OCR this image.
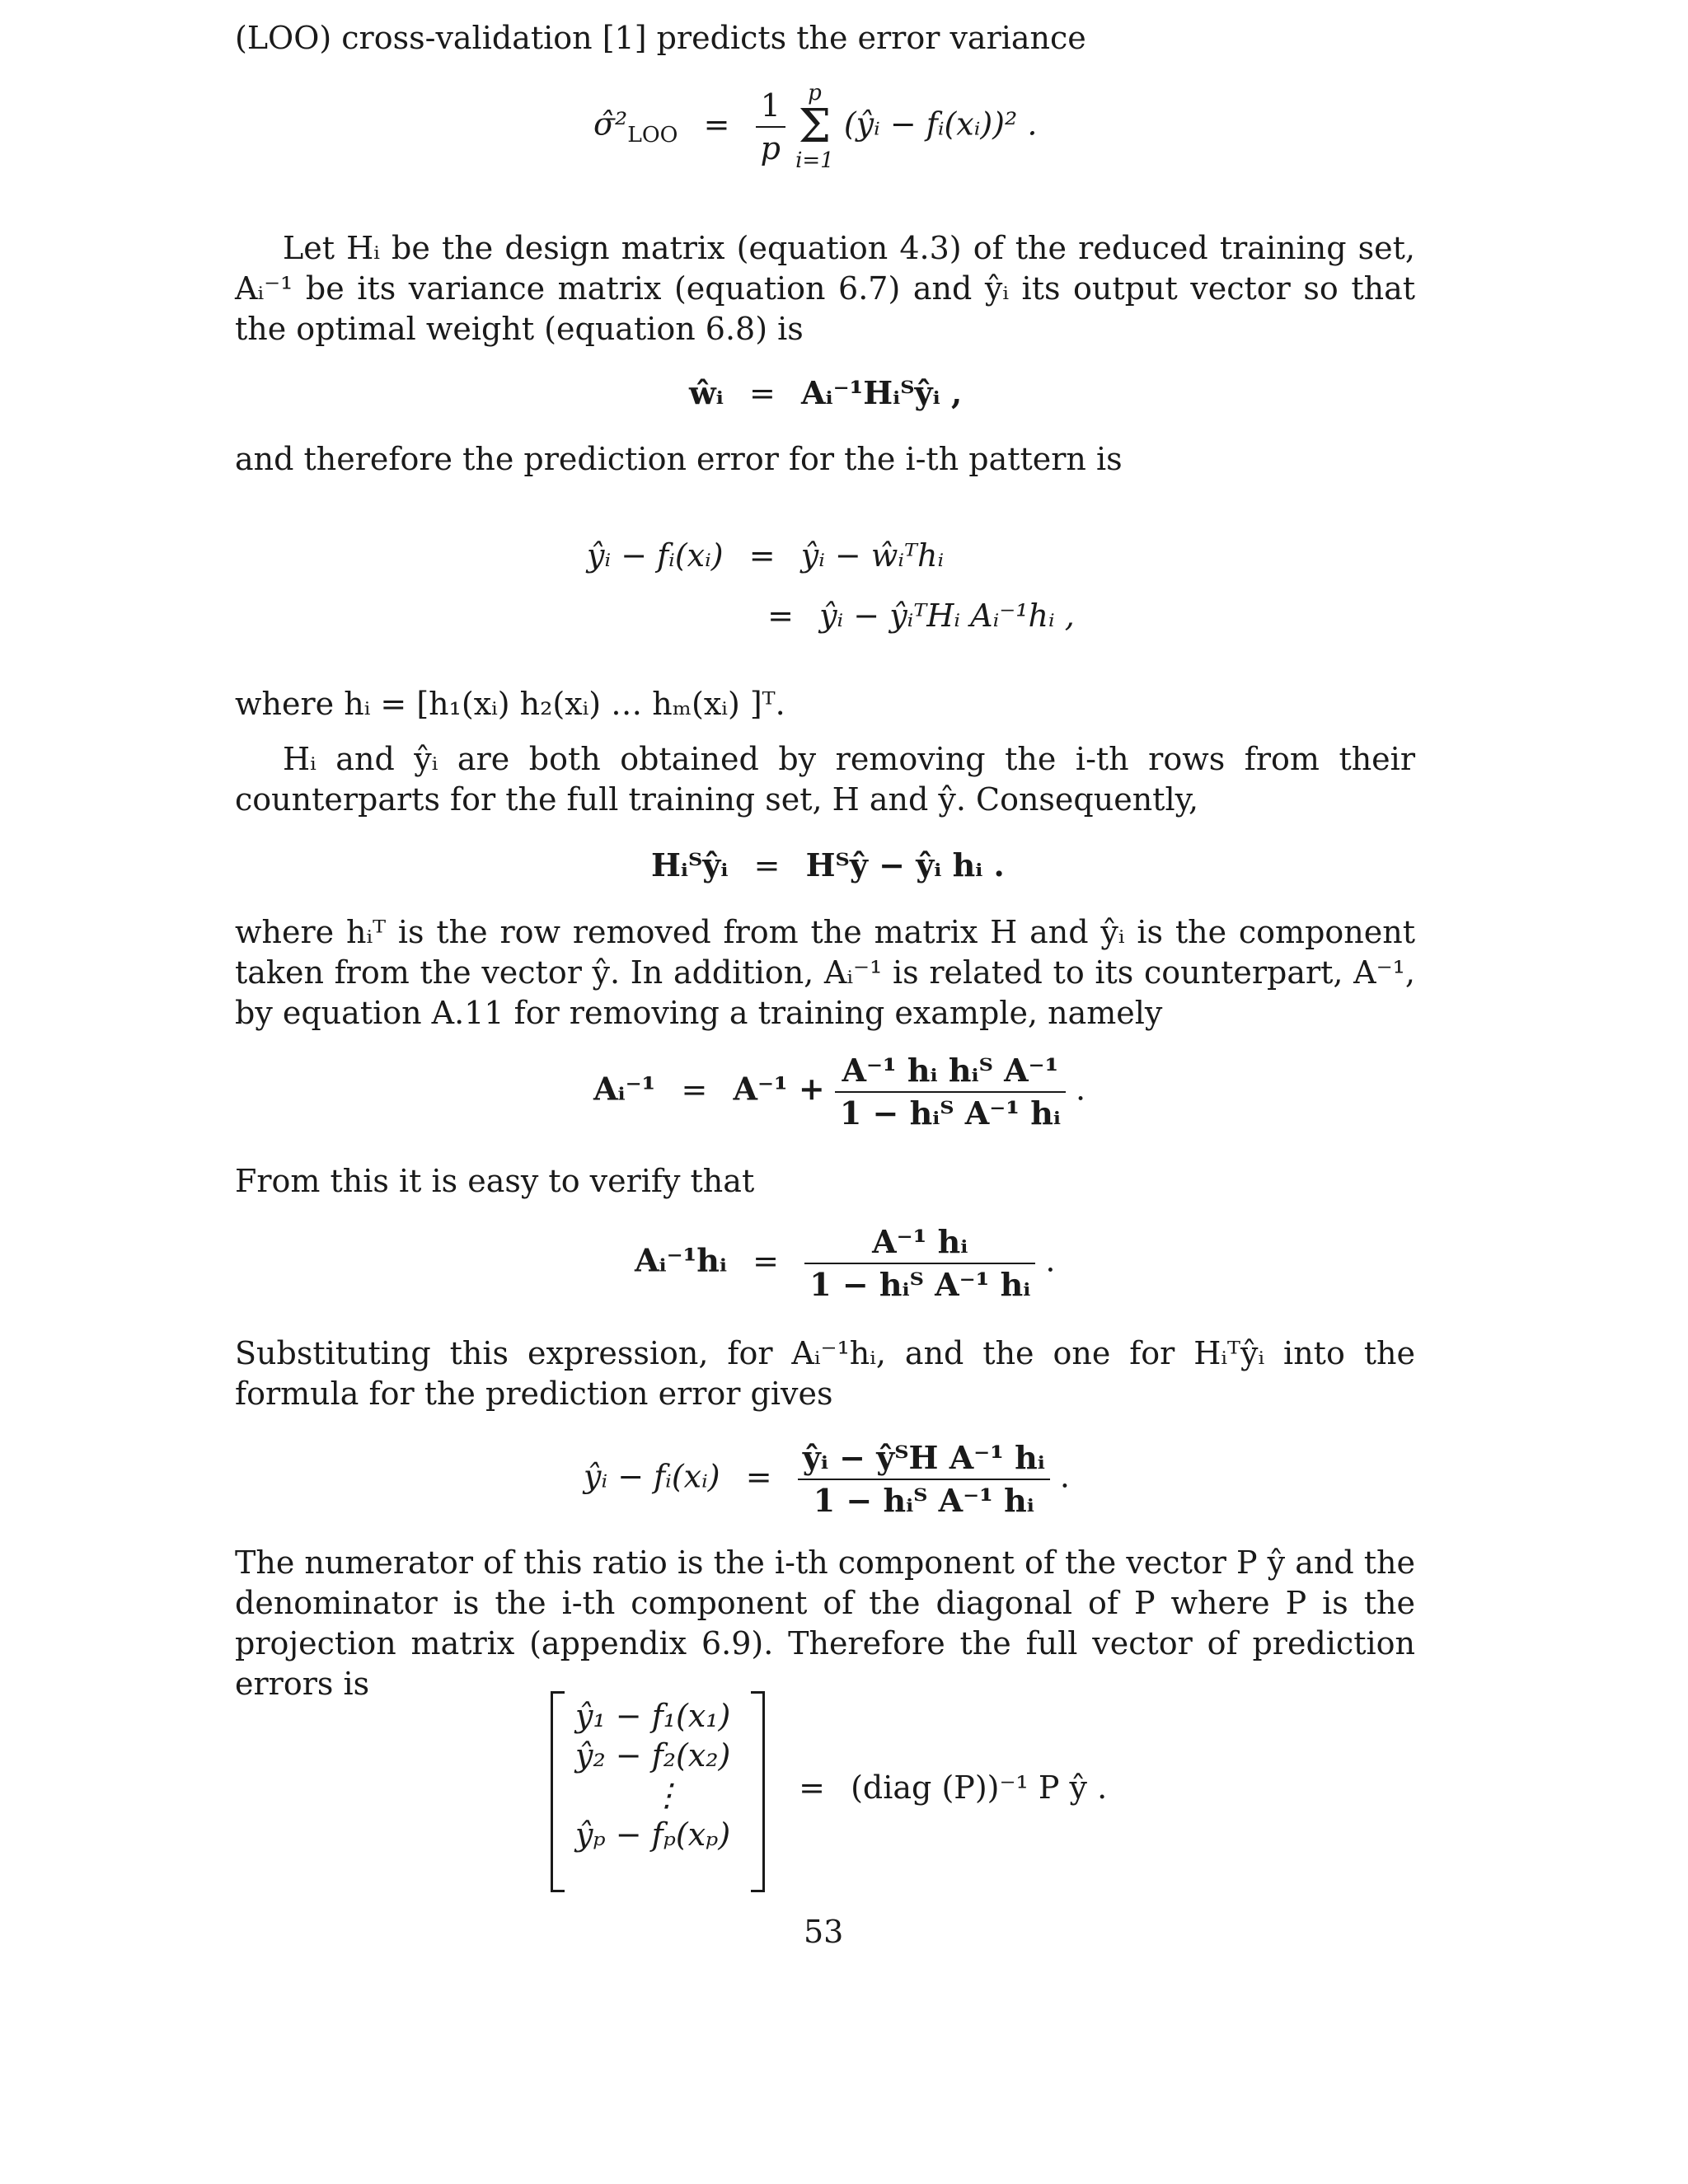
(LOO) cross-validation [1] predicts the error variance

$\sigmâ^2_{LOO} = \frac{1}{p}$
	p
Σ
i=1
(ŷᵢ − fᵢ(xᵢ))² .

Let Hᵢ be the design matrix (equation 4.3) of the reduced training set, Aᵢ⁻¹ be its variance matrix (equation 6.7) and ŷᵢ its output vector so that the optimal weight (equation 6.8) is

ŵᵢ = Aᵢ⁻¹Hᵢᵀŷᵢ ,

and therefore the prediction error for the i-th pattern is

ŷᵢ − fᵢ(xᵢ) = ŷᵢ − ŵᵢᵀhᵢ
= ŷᵢ − ŷᵢᵀHᵢ Aᵢ⁻¹hᵢ ,

where hᵢ = [h₁(xᵢ) h₂(xᵢ) … hₘ(xᵢ) ]ᵀ.

Hᵢ and ŷᵢ are both obtained by removing the i-th rows from their counterparts for the full training set, H and ŷ. Consequently,

Hᵢᵀŷᵢ = Hᵀŷ − ŷᵢ hᵢ .

where hᵢᵀ is the row removed from the matrix H and ŷᵢ is the component taken from the vector ŷ. In addition, Aᵢ⁻¹ is related to its counterpart, A⁻¹, by equation A.11 for removing a training example, namely

Aᵢ⁻¹ = $A^{-1} + \frac{\text{A⁻¹ hᵢ hᵢᵀ A⁻¹}}{\text{1 − hᵢᵀ A⁻¹ hᵢ}}$ .

From this it is easy to verify that

Aᵢ⁻¹hᵢ = $\frac{\text{A⁻¹ hᵢ}}{\text{1 − hᵢᵀ A⁻¹ hᵢ}}$ .

Substituting this expression, for Aᵢ⁻¹hᵢ, and the one for Hᵢᵀŷᵢ into the formula for the prediction error gives

ŷᵢ − fᵢ(xᵢ) = $\frac{\text{ŷᵢ − ŷᵀH A⁻¹ hᵢ}}{\text{1 − hᵢᵀ A⁻¹ hᵢ}}$ .

The numerator of this ratio is the i-th component of the vector P ŷ and the denominator is the i-th component of the diagonal of P where P is the projection matrix (appendix 6.9). Therefore the full vector of prediction errors is

ŷ₁ − f₁(x₁)
ŷ₂ − f₂(x₂)
⋮
ŷₚ − fₚ(xₚ)
= (diag (P))⁻¹ P ŷ .
53
